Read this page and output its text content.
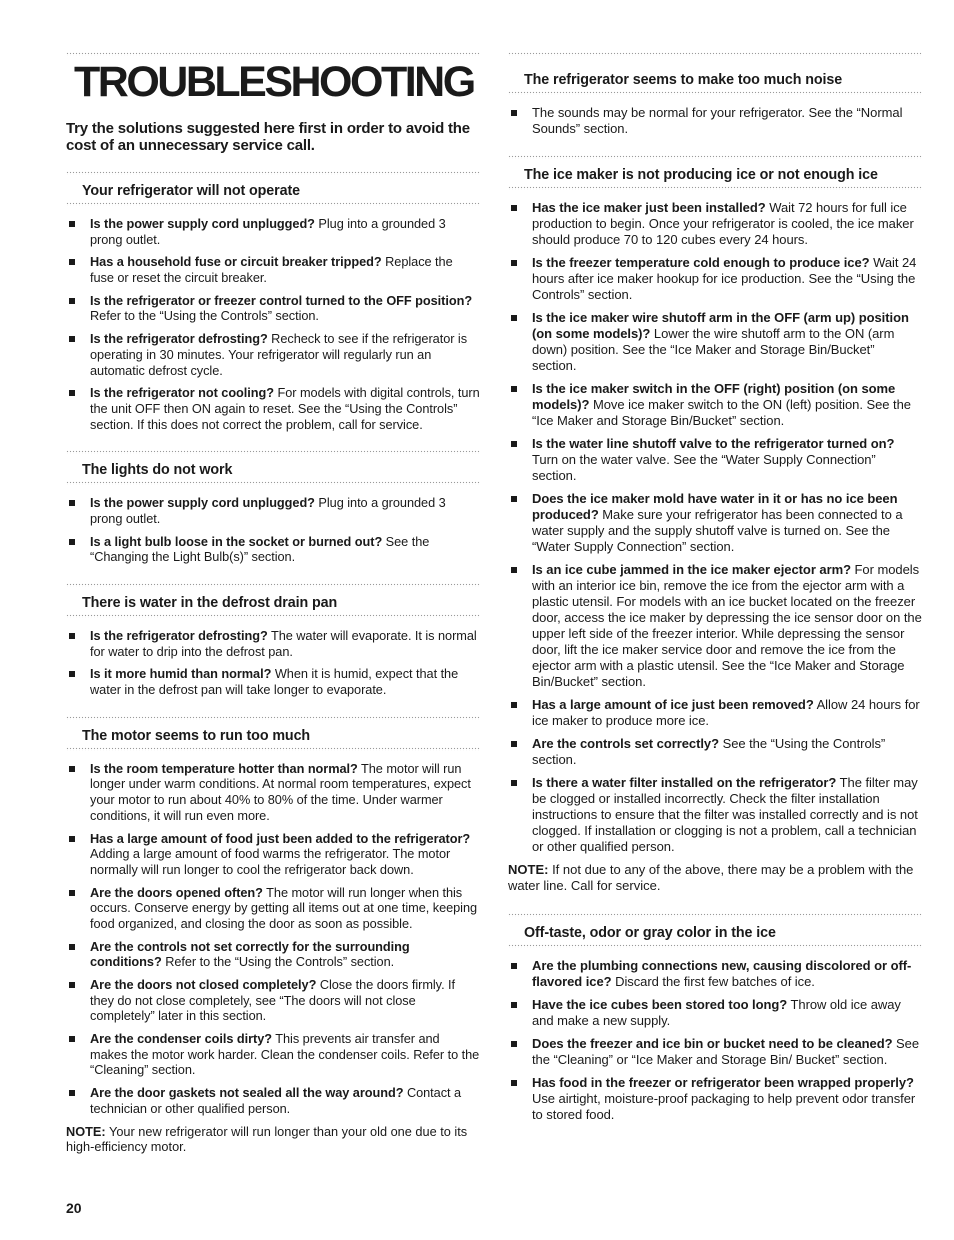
TROUBLESHOOTING

Try the solutions suggested here first in order to avoid the cost of an unnecessary service call.

Your refrigerator will not operate
Is the power supply cord unplugged? Plug into a grounded 3 prong outlet.
Has a household fuse or circuit breaker tripped? Replace the fuse or reset the circuit breaker.
Is the refrigerator or freezer control turned to the OFF position? Refer to the “Using the Controls” section.
Is the refrigerator defrosting? Recheck to see if the refrigerator is operating in 30 minutes. Your refrigerator will regularly run an automatic defrost cycle.
Is the refrigerator not cooling? For models with digital controls, turn the unit OFF then ON again to reset. See the “Using the Controls” section. If this does not correct the problem, call for service.
The lights do not work
Is the power supply cord unplugged? Plug into a grounded 3 prong outlet.
Is a light bulb loose in the socket or burned out? See the “Changing the Light Bulb(s)” section.
There is water in the defrost drain pan
Is the refrigerator defrosting? The water will evaporate. It is normal for water to drip into the defrost pan.
Is it more humid than normal? When it is humid, expect that the water in the defrost pan will take longer to evaporate.
The motor seems to run too much
Is the room temperature hotter than normal? The motor will run longer under warm conditions. At normal room temperatures, expect your motor to run about 40% to 80% of the time. Under warmer conditions, it will run even more.
Has a large amount of food just been added to the refrigerator? Adding a large amount of food warms the refrigerator. The motor normally will run longer to cool the refrigerator back down.
Are the doors opened often? The motor will run longer when this occurs. Conserve energy by getting all items out at one time, keeping food organized, and closing the door as soon as possible.
Are the controls not set correctly for the surrounding conditions? Refer to the “Using the Controls” section.
Are the doors not closed completely? Close the doors firmly. If they do not close completely, see “The doors will not close completely” later in this section.
Are the condenser coils dirty? This prevents air transfer and makes the motor work harder. Clean the condenser coils. Refer to the “Cleaning” section.
Are the door gaskets not sealed all the way around? Contact a technician or other qualified person.

NOTE: Your new refrigerator will run longer than your old one due to its high-efficiency motor.

The refrigerator seems to make too much noise
The sounds may be normal for your refrigerator. See the “Normal Sounds” section.
The ice maker is not producing ice or not enough ice
Has the ice maker just been installed? Wait 72 hours for full ice production to begin. Once your refrigerator is cooled, the ice maker should produce 70 to 120 cubes every 24 hours.
Is the freezer temperature cold enough to produce ice? Wait 24 hours after ice maker hookup for ice production. See the “Using the Controls” section.
Is the ice maker wire shutoff arm in the OFF (arm up) position (on some models)? Lower the wire shutoff arm to the ON (arm down) position. See the “Ice Maker and Storage Bin/Bucket” section.
Is the ice maker switch in the OFF (right) position (on some models)? Move ice maker switch to the ON (left) position. See the “Ice Maker and Storage Bin/Bucket” section.
Is the water line shutoff valve to the refrigerator turned on? Turn on the water valve. See the “Water Supply Connection” section.
Does the ice maker mold have water in it or has no ice been produced? Make sure your refrigerator has been connected to a water supply and the supply shutoff valve is turned on. See the “Water Supply Connection” section.
Is an ice cube jammed in the ice maker ejector arm? For models with an interior ice bin, remove the ice from the ejector arm with a plastic utensil. For models with an ice bucket located on the freezer door, access the ice maker by depressing the ice sensor door on the upper left side of the freezer interior. While depressing the sensor door, lift the ice maker service door and remove the ice from the ejector arm with a plastic utensil. See the “Ice Maker and Storage Bin/Bucket” section.
Has a large amount of ice just been removed? Allow 24 hours for ice maker to produce more ice.
Are the controls set correctly? See the “Using the Controls” section.
Is there a water filter installed on the refrigerator? The filter may be clogged or installed incorrectly. Check the filter installation instructions to ensure that the filter was installed correctly and is not clogged. If installation or clogging is not a problem, call a technician or other qualified person.

NOTE: If not due to any of the above, there may be a problem with the water line. Call for service.

Off-taste, odor or gray color in the ice
Are the plumbing connections new, causing discolored or off-flavored ice? Discard the first few batches of ice.
Have the ice cubes been stored too long? Throw old ice away and make a new supply.
Does the freezer and ice bin or bucket need to be cleaned? See the “Cleaning” or “Ice Maker and Storage Bin/ Bucket” section.
Has food in the freezer or refrigerator been wrapped properly? Use airtight, moisture-proof packaging to help prevent odor transfer to stored food.
20
